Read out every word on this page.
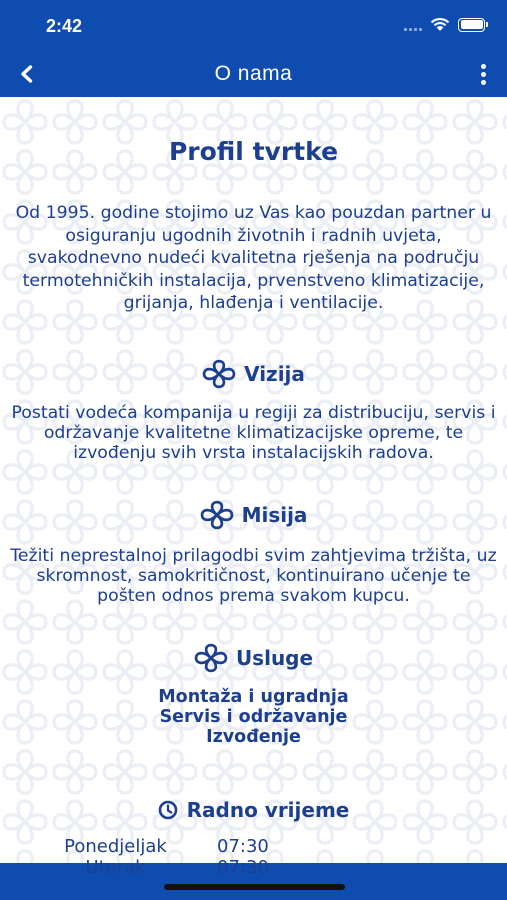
2:42
O nama
Profil tvrtke
Od 1995. godine stojimo uz Vas kao pouzdan partner u osiguranju ugodnih životnih i radnih uvjeta, svakodnevno nudeći kvalitetna rješenja na području termotehničkih instalacija, prvenstveno klimatizacije, grijanja, hlađenja i ventilacije.
Vizija
Postati vodeća kompanija u regiji za distribuciju, servis i održavanje kvalitetne klimatizacijske opreme, te izvođenju svih vrsta instalacijskih radova.
Misija
Težiti neprestalnoj prilagodbi svim zahtjevima tržišta, uz skromnost, samokritičnost, kontinuirano učenje te pošten odnos prema svakom kupcu.
Usluge
Montaža i ugradnja
Servis i održavanje
Izvođenje
Radno vrijeme
Ponedjeljak	07:30
Utorak	07:30
